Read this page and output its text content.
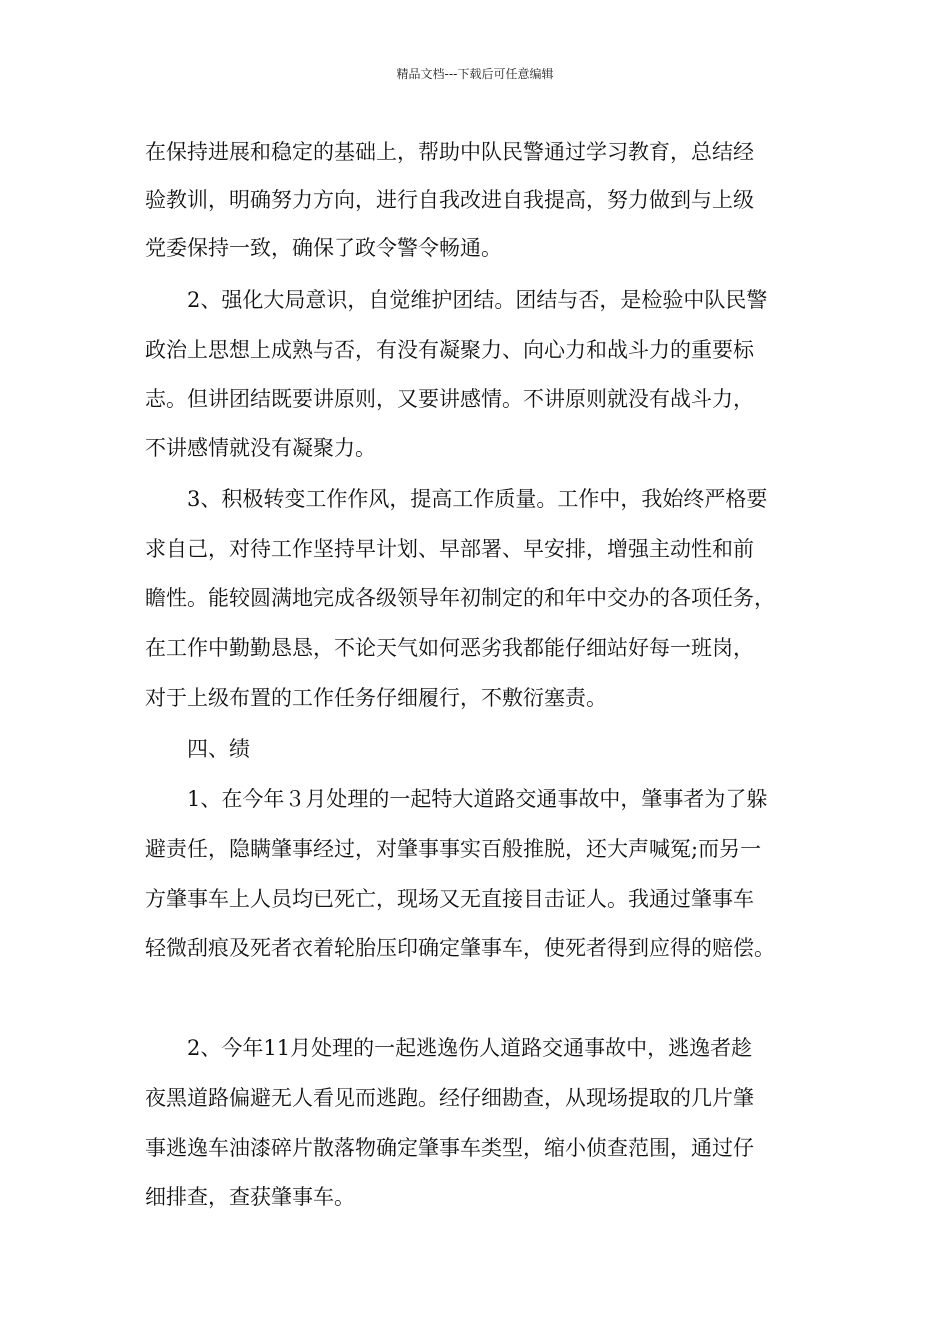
精品文档---下载后可任意编辑
在保持进展和稳定的基础上，帮助中队民警通过学习教育，总结经
验教训，明确努力方向，进行自我改进自我提高，努力做到与上级
党委保持一致，确保了政令警令畅通。
2、强化大局意识，自觉维护团结。团结与否，是检验中队民警
政治上思想上成熟与否，有没有凝聚力、向心力和战斗力的重要标
志。但讲团结既要讲原则，又要讲感情。不讲原则就没有战斗力，
不讲感情就没有凝聚力。
3、积极转变工作作风，提高工作质量。工作中，我始终严格要
求自己，对待工作坚持早计划、早部署、早安排，增强主动性和前
瞻性。能较圆满地完成各级领导年初制定的和年中交办的各项任务，
在工作中勤勤恳恳，不论天气如何恶劣我都能仔细站好每一班岗，
对于上级布置的工作任务仔细履行，不敷衍塞责。
四、绩
1、在今年３月处理的一起特大道路交通事故中，肇事者为了躲
避责任，隐瞒肇事经过，对肇事事实百般推脱，还大声喊冤;而另一
方肇事车上人员均已死亡，现场又无直接目击证人。我通过肇事车
轻微刮痕及死者衣着轮胎压印确定肇事车，使死者得到应得的赔偿。
2、今年11月处理的一起逃逸伤人道路交通事故中，逃逸者趁
夜黑道路偏避无人看见而逃跑。经仔细勘查，从现场提取的几片肇
事逃逸车油漆碎片散落物确定肇事车类型，缩小侦查范围，通过仔
细排查，查获肇事车。
